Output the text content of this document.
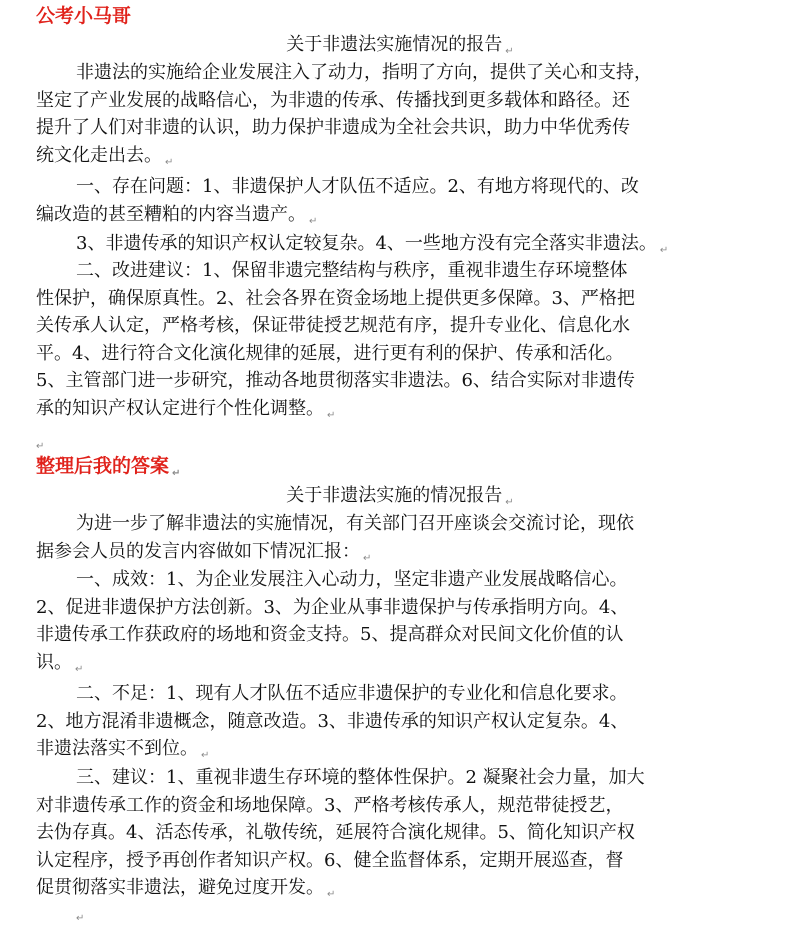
公考小马哥
关于非遗法实施情况的报告 $_↵$
非遗法的实施给企业发展注入了动力，指明了方向，提供了关心和支持，
坚定了产业发展的战略信心，为非遗的传承、传播找到更多载体和路径。还
提升了人们对非遗的认识，助力保护非遗成为全社会共识，助力中华优秀传
统文化走出去。 $_↵$
一、存在问题：1、非遗保护人才队伍不适应。2、有地方将现代的、改
编改造的甚至糟粕的内容当遗产。 $_↵$
3、非遗传承的知识产权认定较复杂。4、一些地方没有完全落实非遗法。 $_↵$
二、改进建议：1、保留非遗完整结构与秩序，重视非遗生存环境整体
性保护，确保原真性。2、社会各界在资金场地上提供更多保障。3、严格把
关传承人认定，严格考核，保证带徒授艺规范有序，提升专业化、信息化水
平。4、进行符合文化演化规律的延展，进行更有利的保护、传承和活化。
5、主管部门进一步研究，推动各地贯彻落实非遗法。6、结合实际对非遗传
承的知识产权认定进行个性化调整。 $_↵$
$_↵$
整理后我的答案 $_↵$
关于非遗法实施的情况报告 $_↵$
为进一步了解非遗法的实施情况，有关部门召开座谈会交流讨论，现依
据参会人员的发言内容做如下情况汇报： $_↵$
一、成效：1、为企业发展注入心动力，坚定非遗产业发展战略信心。
2、促进非遗保护方法创新。3、为企业从事非遗保护与传承指明方向。4、
非遗传承工作获政府的场地和资金支持。5、提高群众对民间文化价值的认
识。 $_↵$
二、不足：1、现有人才队伍不适应非遗保护的专业化和信息化要求。
2、地方混淆非遗概念，随意改造。3、非遗传承的知识产权认定复杂。4、
非遗法落实不到位。 $_↵$
三、建议：1、重视非遗生存环境的整体性保护。2 凝聚社会力量，加大
对非遗传承工作的资金和场地保障。3、严格考核传承人，规范带徒授艺，
去伪存真。4、活态传承，礼敬传统，延展符合演化规律。5、简化知识产权
认定程序，授予再创作者知识产权。6、健全监督体系，定期开展巡查，督
促贯彻落实非遗法，避免过度开发。 $_↵$
$_↵$
